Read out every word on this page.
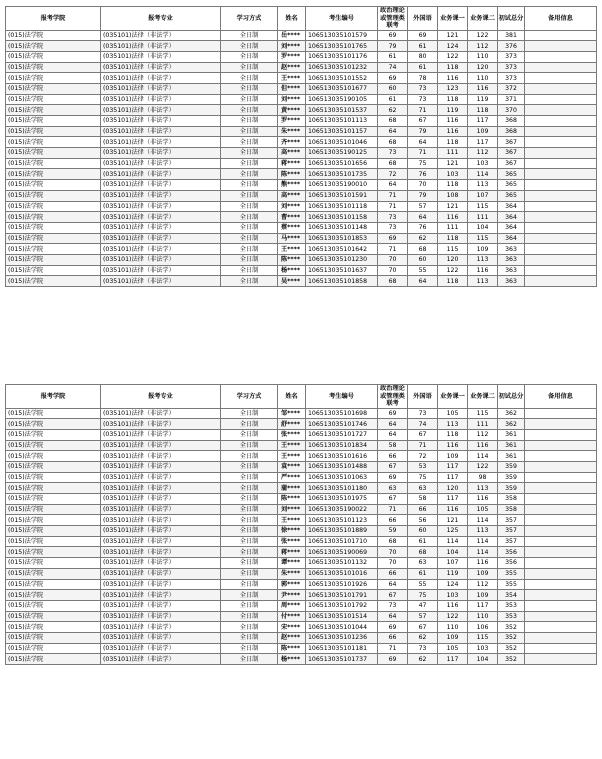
报考学院	报考专业	学习方式	姓名	考生编号	政治理论或管理类联考	外国语	业务课一	业务课二	初试总分	备用信息
(015)法学院	(035101)法律（非法学）	全日制	岳****	106513035101579	69	69	121	122	381	
(015)法学院	(035101)法律（非法学）	全日制	刘****	106513035101765	79	61	124	112	376	
(015)法学院	(035101)法律（非法学）	全日制	罗****	106513035101176	61	80	122	110	373	
(015)法学院	(035101)法律（非法学）	全日制	赵****	106513035101232	74	61	118	120	373	
(015)法学院	(035101)法律（非法学）	全日制	王****	106513035101552	69	78	116	110	373	
(015)法学院	(035101)法律（非法学）	全日制	但****	106513035101677	60	73	123	116	372	
(015)法学院	(035101)法律（非法学）	全日制	刘****	106513035190105	61	73	118	119	371	
(015)法学院	(035101)法律（非法学）	全日制	黄****	106513035101537	62	71	119	118	370	
(015)法学院	(035101)法律（非法学）	全日制	罗****	106513035101113	68	67	116	117	368	
(015)法学院	(035101)法律（非法学）	全日制	朱****	106513035101157	64	79	116	109	368	
(015)法学院	(035101)法律（非法学）	全日制	齐****	106513035101046	68	64	118	117	367	
(015)法学院	(035101)法律（非法学）	全日制	高****	106513035190125	73	71	111	112	367	
(015)法学院	(035101)法律（非法学）	全日制	蒋****	106513035101656	68	75	121	103	367	
(015)法学院	(035101)法律（非法学）	全日制	陈****	106513035101735	72	76	103	114	365	
(015)法学院	(035101)法律（非法学）	全日制	熊****	106513035190010	64	70	118	113	365	
(015)法学院	(035101)法律（非法学）	全日制	高****	106513035101591	71	79	108	107	365	
(015)法学院	(035101)法律（非法学）	全日制	刘****	106513035101118	71	57	121	115	364	
(015)法学院	(035101)法律（非法学）	全日制	曹****	106513035101158	73	64	116	111	364	
(015)法学院	(035101)法律（非法学）	全日制	蔡****	106513035101148	73	76	111	104	364	
(015)法学院	(035101)法律（非法学）	全日制	马****	106513035101853	69	62	118	115	364	
(015)法学院	(035101)法律（非法学）	全日制	王****	106513035101642	71	68	115	109	363	
(015)法学院	(035101)法律（非法学）	全日制	陈****	106513035101230	70	60	120	113	363	
(015)法学院	(035101)法律（非法学）	全日制	杨****	106513035101637	70	55	122	116	363	
(015)法学院	(035101)法律（非法学）	全日制	吴****	106513035101858	68	64	118	113	363	
报考学院	报考专业	学习方式	姓名	考生编号	政治理论或管理类联考	外国语	业务课一	业务课二	初试总分	备用信息
(015)法学院	(035101)法律（非法学）	全日制	邹****	106513035101698	69	73	105	115	362	
(015)法学院	(035101)法律（非法学）	全日制	舒****	106513035101746	64	74	113	111	362	
(015)法学院	(035101)法律（非法学）	全日制	张****	106513035101727	64	67	118	112	361	
(015)法学院	(035101)法律（非法学）	全日制	王****	106513035101834	58	71	116	116	361	
(015)法学院	(035101)法律（非法学）	全日制	王****	106513035101616	66	72	109	114	361	
(015)法学院	(035101)法律（非法学）	全日制	袁****	106513035101488	67	53	117	122	359	
(015)法学院	(035101)法律（非法学）	全日制	严****	106513035101063	69	75	117	98	359	
(015)法学院	(035101)法律（非法学）	全日制	蒲****	106513035101180	63	63	120	113	359	
(015)法学院	(035101)法律（非法学）	全日制	陈****	106513035101975	67	58	117	116	358	
(015)法学院	(035101)法律（非法学）	全日制	刘****	106513035190022	71	66	116	105	358	
(015)法学院	(035101)法律（非法学）	全日制	王****	106513035101123	66	56	121	114	357	
(015)法学院	(035101)法律（非法学）	全日制	徐****	106513035101889	59	60	125	113	357	
(015)法学院	(035101)法律（非法学）	全日制	张****	106513035101710	68	61	114	114	357	
(015)法学院	(035101)法律（非法学）	全日制	蒋****	106513035190069	70	68	104	114	356	
(015)法学院	(035101)法律（非法学）	全日制	谭****	106513035101132	70	63	107	116	356	
(015)法学院	(035101)法律（非法学）	全日制	朱****	106513035101016	66	61	119	109	355	
(015)法学院	(035101)法律（非法学）	全日制	郭****	106513035101926	64	55	124	112	355	
(015)法学院	(035101)法律（非法学）	全日制	尹****	106513035101791	67	75	103	109	354	
(015)法学院	(035101)法律（非法学）	全日制	周****	106513035101792	73	47	116	117	353	
(015)法学院	(035101)法律（非法学）	全日制	付****	106513035101514	64	57	122	110	353	
(015)法学院	(035101)法律（非法学）	全日制	宋****	106513035101044	69	67	110	106	352	
(015)法学院	(035101)法律（非法学）	全日制	赵****	106513035101236	66	62	109	115	352	
(015)法学院	(035101)法律（非法学）	全日制	陈****	106513035101181	71	73	105	103	352	
(015)法学院	(035101)法律（非法学）	全日制	杨****	106513035101737	69	62	117	104	352	
